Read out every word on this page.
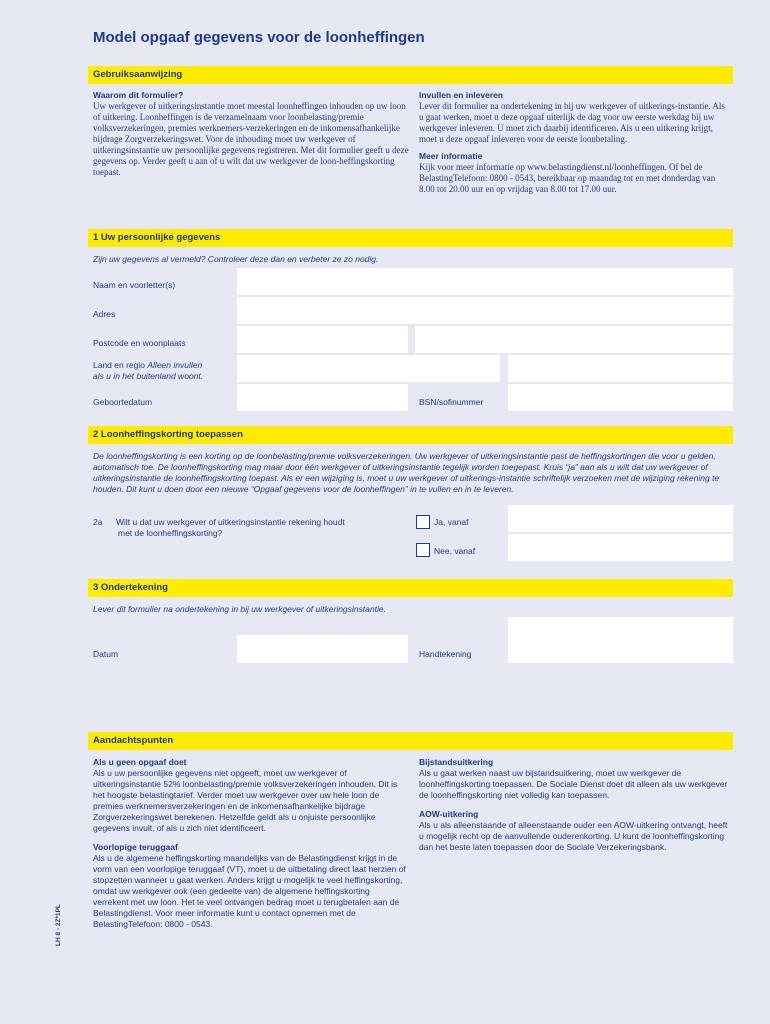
Model opgaaf gegevens voor de loonheffingen
Gebruiksaanwijzing
Waarom dit formulier?

Uw werkgever of uitkeringsinstantie moet meestal loonheffingen inhouden op uw loon of uitkering. Loonheffingen is de verzamelnaam voor loonbelasting/premie volksverzekeringen, premies werknemers-verzekeringen en de inkomensafhankelijke bijdrage Zorgverzekeringswet. Voor de inhouding moet uw werkgever of uitkeringsinstantie uw persoonlijke gegevens registreren. Met dit formulier geeft u deze gegevens op. Verder geeft u aan of u wilt dat uw werkgever de loon-heffingskorting toepast.

Invullen en inleveren

Lever dit formulier na ondertekening in bij uw werkgever of uitkerings-instantie. Als u gaat werken, moet u deze opgaaf uiterlijk de dag voor uw eerste werkdag bij uw werkgever inleveren. U moet zich daarbij identificeren. Als u een uitkering krijgt, moet u deze opgaaf inleveren voor de eerste loonbetaling.

Meer informatie

Kijk voor meer informatie op www.belastingdienst.nl/loonheffingen. Of bel de BelastingTelefoon: 0800 - 0543, bereikbaar op maandag tot en met donderdag van 8.00 tot 20.00 uur en op vrijdag van 8.00 tot 17.00 uur.

1 Uw persoonlijke gegevens
Zijn uw gegevens al vermeld? Controleer deze dan en verbeter ze zo nodig.
Naam en voorletter(s)
Adres
Postcode en woonplaats
Land en regio Alleen invullen
als u in het buitenland woont.
Geboortedatum	BSN/sofinummer
2 Loonheffingskorting toepassen
De loonheffingskorting is een korting op de loonbelasting/premie volksverzekeringen. Uw werkgever of uitkeringsinstantie past de heffingskortingen die voor u gelden, automatisch toe. De loonheffingskorting mag maar door één werkgever of uitkeringsinstantie tegelijk worden toegepast. Kruis “ja” aan als u wilt dat uw werkgever of uitkeringsinstantie de loonheffingskorting toepast. Als er een wijziging is, moet u uw werkgever of uitkerings-instantie schriftelijk verzoeken met de wijziging rekening te houden. Dit kunt u doen door een nieuwe “Opgaaf gegevens voor de loonheffingen” in te vullen en in te leveren.
2a Wilt u dat uw werkgever of uitkeringsinstantie rekening houdt
met de loonheffingskorting?
Ja, vanaf
Nee, vanaf
3 Ondertekening
Lever dit formulier na ondertekening in bij uw werkgever of uitkeringsinstantie.
Datum	Handtekening
Aandachtspunten
Als u geen opgaaf doet

Als u uw persoonlijke gegevens niet opgeeft, moet uw werkgever of uitkeringsinstantie 52% loonbelasting/premie volksverzekeringen inhouden. Dit is het hoogste belastingtarief. Verder moet uw werkgever over uw hele loon de premies werknemersverzekeringen en de inkomensafhankelijke bijdrage Zorgverzekeringswet berekenen. Hetzelfde geldt als u onjuiste persoonlijke gegevens invult, of als u zich niet identificeert.

Voorlopige teruggaaf

Als u de algemene heffingskorting maandelijks van de Belastingdienst krijgt in de vorm van een voorlopige teruggaaf (VT), moet u de uitbetaling direct laat herzien of stopzetten wanneer u gaat werken. Anders krijgt u mogelijk te veel heffingskorting, omdat uw werkgever ook (een gedeelte van) de algemene heffingskorting verrekent met uw loon. Het te veel ontvangen bedrag moet u terugbetalen aan de Belastingdienst. Voor meer informatie kunt u contact opnemen met de BelastingTelefoon: 0800 - 0543.

Bijstandsuitkering

Als u gaat werken naast uw bijstandsuitkering, moet uw werkgever de loonheffingskorting toepassen. De Sociale Dienst doet dit alleen als uw werkgever de loonheffingskorting niet volledig kan toepassen.

AOW-uitkering

Als u als alleenstaande of alleenstaande ouder een AOW-uitkering ontvangt, heeft u mogelijk recht op de aanvullende ouderenkorting. U kunt de loonheffingskorting dan het beste laten toepassen door de Sociale Verzekeringsbank.

LH 8 - 2Z*1PL
